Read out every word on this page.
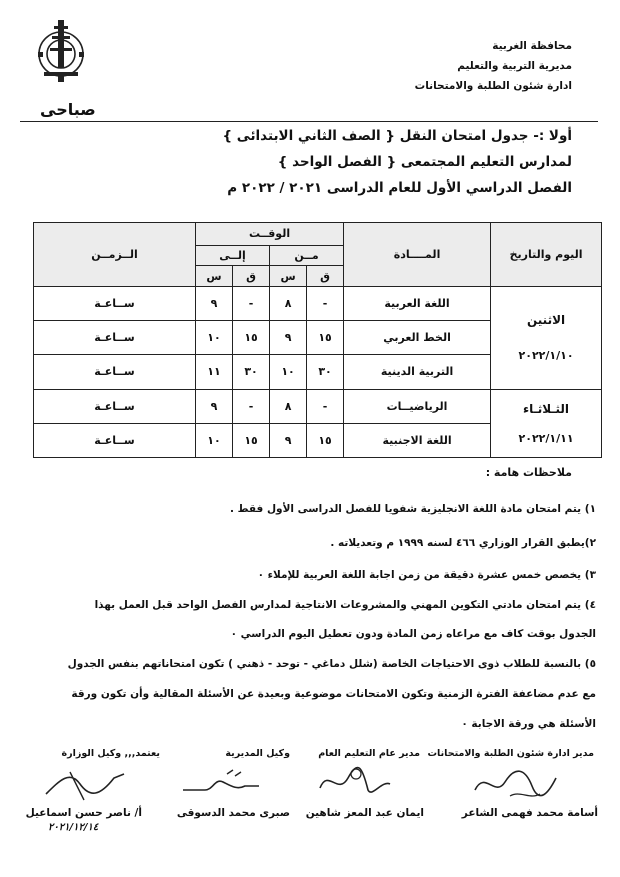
محافظة الغربية
مديرية التربية والتعليم
ادارة شئون الطلبة والامتحانات
صباحى
أولا :- جدول امتحان النقل { الصف الثاني الابتدائى }
لمدارس التعليم المجتمعى { الفصل الواحد }
الفصل الدراسي الأول للعام الدراسى ٢٠٢١ / ٢٠٢٢ م
اليوم والتاريخ	المــــادة	الوقــت				الــزمــن
		مــن		إلــى		
		ق	س	ق	س	

الاثنين
٢٠٢٢/١/١٠	اللغة العربية	-	٨	-	٩	ســاعـة
	الخط العربي	١٥	٩	١٥	١٠	ســاعـة
	التربية الدينية	٣٠	١٠	٣٠	١١	ســاعـة

الثـلاثـاء
٢٠٢٢/١/١١	الرياضيــات	-	٨	-	٩	ســاعـة
	اللغة الاجنبية	١٥	٩	١٥	١٠	ســاعـة
ملاحظات هامة :
١) يتم امتحان مادة اللغة الانجليزية شفويا للفصل الدراسى الأول فقط .
٢)يطبق القرار الوزاري ٤٦٦ لسنه ١٩٩٩ م وتعديلاته .
٣) يخصص خمس عشرة دقيقة من زمن اجابة اللغة العربية للإملاء ٠
٤) يتم امتحان مادتي التكوين المهني والمشروعات الانتاجية لمدارس الفصل الواحد قبل العمل بهذا
الجدول بوقت كاف مع مراعاه زمن المادة ودون تعطيل اليوم الدراسي ٠
٥) بالنسبة للطلاب ذوى الاحتياجات الخاصة (شلل دماغي - توحد - ذهني ) تكون امتحاناتهم بنفس الجدول
مع عدم مضاعفة الفترة الزمنية وتكون الامتحانات موضوعية وبعيدة عن الأسئلة المقالية وأن تكون ورقة
الأسئلة هي ورقة الاجابة ٠
مدير ادارة شئون الطلبة والامتحانات
مدير عام التعليم العام
وكيل المديرية
يعتمد,,, وكيل الوزارة
أسامة محمد فهمى الشاعر
ايمان عبد المعز شاهين
صبرى محمد الدسوقى
أ/ ناصر حسن اسماعيل
٢٠٢١/١٢/١٤
